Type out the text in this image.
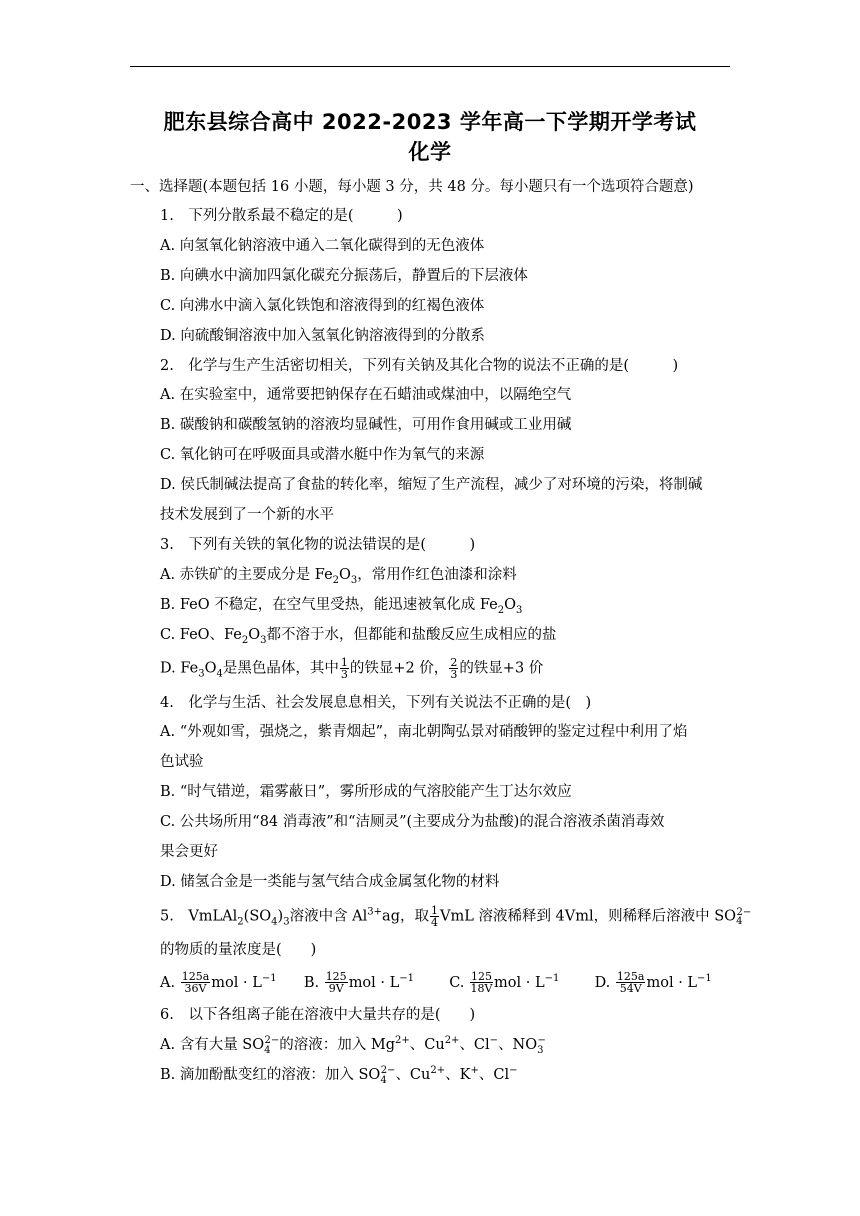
肥东县综合高中 2022-2023 学年高一下学期开学考试
化学
一、选择题(本题包括 16 小题，每小题 3 分，共 48 分。每小题只有一个选项符合题意)
1.　下列分散系最不稳定的是(　　　)
A. 向氢氧化钠溶液中通入二氧化碳得到的无色液体
B. 向碘水中滴加四氯化碳充分振荡后，静置后的下层液体
C. 向沸水中滴入氯化铁饱和溶液得到的红褐色液体
D. 向硫酸铜溶液中加入氢氧化钠溶液得到的分散系
2.　化学与生产生活密切相关，下列有关钠及其化合物的说法不正确的是(　　　)
A. 在实验室中，通常要把钠保存在石蜡油或煤油中，以隔绝空气
B. 碳酸钠和碳酸氢钠的溶液均显碱性，可用作食用碱或工业用碱
C. 氧化钠可在呼吸面具或潜水艇中作为氧气的来源
D. 侯氏制碱法提高了食盐的转化率，缩短了生产流程，减少了对环境的污染，将制碱
技术发展到了一个新的水平
3.　下列有关铁的氧化物的说法错误的是(　　　)
A. 赤铁矿的主要成分是 $Fe_2O_3$，常用作红色油漆和涂料
B. FeO 不稳定，在空气里受热，能迅速被氧化成 $Fe_2O_3$
C. FeO、$Fe_2O_3$都不溶于水，但都能和盐酸反应生成相应的盐
D. $Fe_3O_4$是黑色晶体，其中 $\frac{1}{3}$ 的铁显+2 价， $\frac{2}{3}$ 的铁显+3 价
4.　化学与生活、社会发展息息相关，下列有关说法不正确的是(　)
A. “外观如雪，强烧之，紫青烟起”，南北朝陶弘景对硝酸钾的鉴定过程中利用了焰
色试验
B. “时气错逆，霜雾蔽日”，雾所形成的气溶胶能产生丁达尔效应
C. 公共场所用“84 消毒液”和“洁厕灵”(主要成分为盐酸)的混合溶液杀菌消毒效
果会更好
D. 储氢合金是一类能与氢气结合成金属氢化物的材料
5.　$VmLAl_2(SO_4)_3$溶液中含 $Al^{3+}ag$，取 $\frac{1}{4}$ VmL 溶液稀释到 4Vml，则稀释后溶液中 $SO_4^{2-}$
的物质的量浓度是(　　)
A. $\frac{125a}{36V}$ mol · $L^{-1}$ B. $\frac{125}{9V}$ mol · $L^{-1}$ C. $\frac{125}{18V}$ mol · $L^{-1}$ D. $\frac{125a}{54V}$ mol · $L^{-1}$
6.　以下各组离子能在溶液中大量共存的是(　　)
A. 含有大量 $SO_4^{2-}$的溶液：加入 $Mg^{2+}$、$Cu^{2+}$、Cl−、$NO_3^-$
B. 滴加酚酞变红的溶液：加入 $SO_4^{2-}$、$Cu^{2+}$、K+、Cl−
